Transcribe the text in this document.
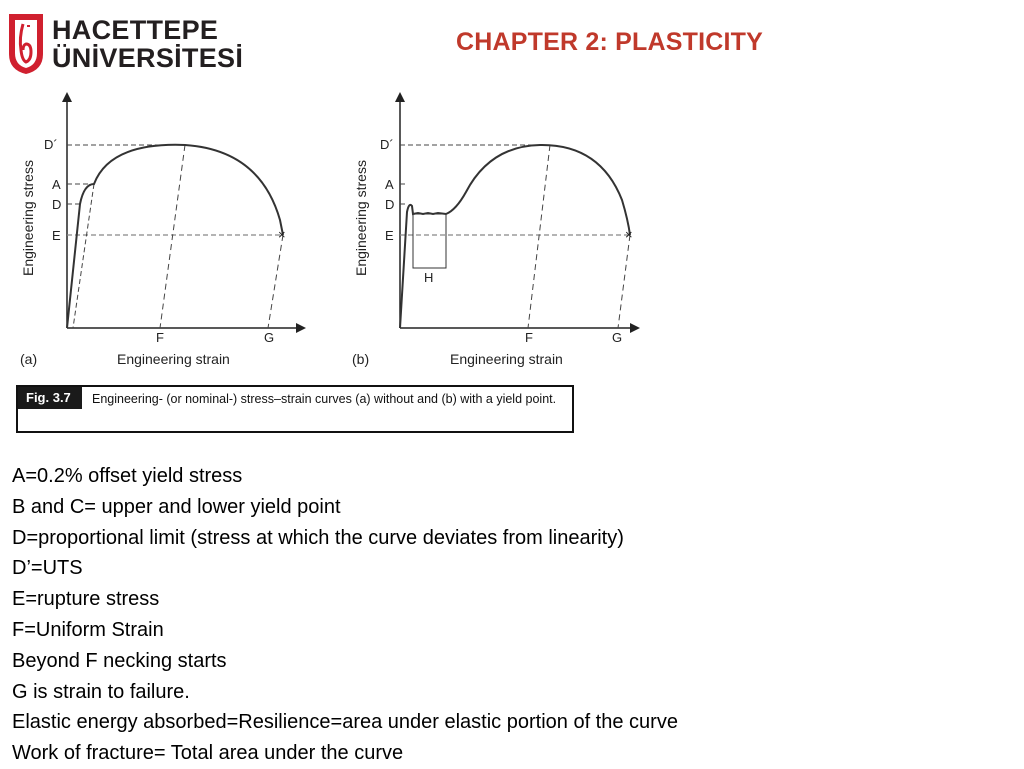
HACETTEPE
ÜNİVERSİTESİ
CHAPTER 2: PLASTICITY
×
D´
A
D
E
F	G
(a)	Engineering strain
Engineering stress	×
D´
A
D
E
H
F	G
(b)	Engineering strain
Engineering stress
Fig. 3.7	Engineering- (or nominal-) stress–strain curves (a) without and (b) with a yield point.
A=0.2% offset yield stress
B and C= upper and lower yield point
D=proportional limit (stress at which the curve deviates from linearity)
D’=UTS
E=rupture stress
F=Uniform Strain
Beyond F necking starts
G is strain to failure.
Elastic energy absorbed=Resilience=area under elastic portion of the curve
Work of fracture= Total area under the curve
